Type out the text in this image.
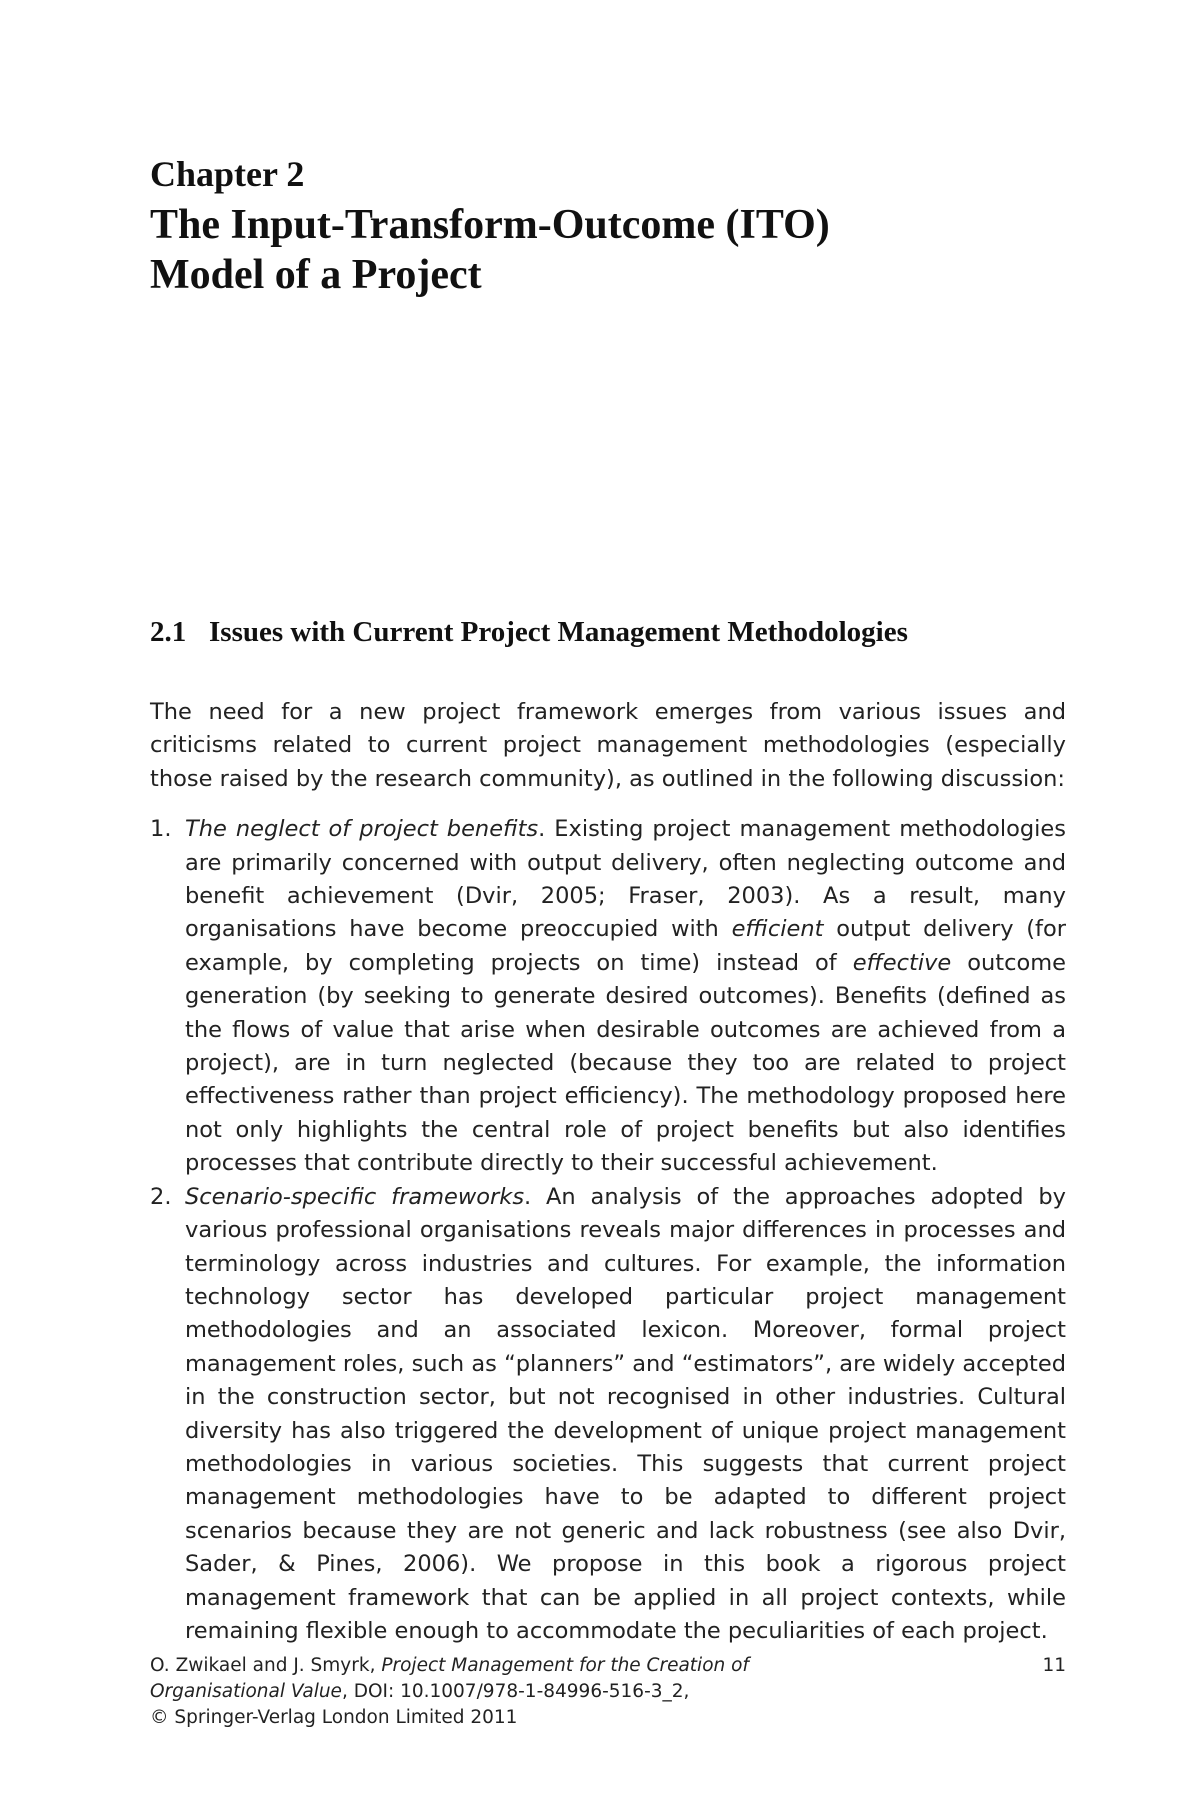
Chapter 2
The Input-Transform-Outcome (ITO)
Model of a Project
2.1 Issues with Current Project Management Methodologies

The need for a new project framework emerges from various issues and criticisms related to current project management methodologies (especially those raised by the research community), as outlined in the following discussion:

1. The neglect of project benefits. Existing project management methodologies are primarily concerned with output delivery, often neglecting outcome and benefit achievement (Dvir, 2005; Fraser, 2003). As a result, many organisations have become preoccupied with efficient output delivery (for example, by completing projects on time) instead of effective outcome generation (by seeking to generate desired outcomes). Benefits (defined as the flows of value that arise when desirable outcomes are achieved from a project), are in turn neglected (because they too are related to project effectiveness rather than project efficiency). The methodology proposed here not only highlights the central role of project benefits but also identifies processes that contribute directly to their successful achievement.
2. Scenario-specific frameworks. An analysis of the approaches adopted by various professional organisations reveals major differences in processes and terminology across industries and cultures. For example, the information technology sector has developed particular project management methodologies and an associated lexicon. Moreover, formal project management roles, such as “planners” and “estimators”, are widely accepted in the construction sector, but not recognised in other industries. Cultural diversity has also triggered the development of unique project management methodologies in various societies. This suggests that current project management methodologies have to be adapted to different project scenarios because they are not generic and lack robustness (see also Dvir, Sader, & Pines, 2006). We propose in this book a rigorous project management framework that can be applied in all project contexts, while remaining flexible enough to accommodate the peculiarities of each project.
O. Zwikael and J. Smyrk, Project Management for the Creation of
Organisational Value, DOI: 10.1007/978-1-84996-516-3_2,
© Springer-Verlag London Limited 2011
11
